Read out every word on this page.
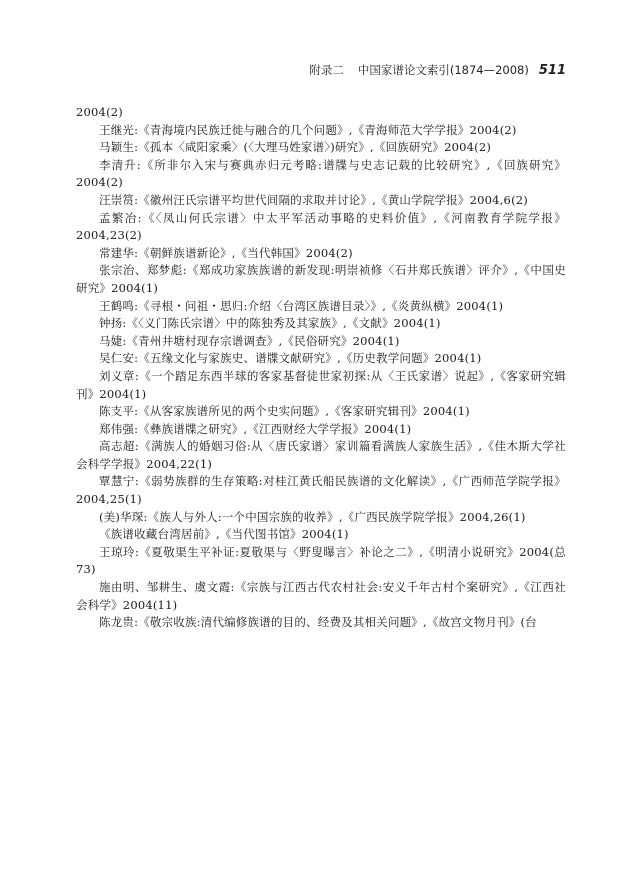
附录二 中国家谱论文索引(1874—2008) 511

2004(2)

王继光:《青海境内民族迁徙与融合的几个问题》,《青海师范大学学报》2004(2)

马颖生:《孤本〈咸阳家乘〉(〈大理马姓家谱〉)研究》,《回族研究》2004(2)

李清升:《所非尔入宋与赛典赤归元考略:谱牒与史志记载的比较研究》,《回族研究》2004(2)

汪崇筼:《徽州汪氏宗谱平均世代间隔的求取并讨论》,《黄山学院学报》2004,6(2)

孟繁冶:《〈凤山何氏宗谱〉中太平军活动事略的史料价值》,《河南教育学院学报》2004,23(2)

常建华:《朝鲜族谱新论》,《当代韩国》2004(2)

张宗治、郑梦彪:《郑成功家族族谱的新发现:明崇祯修〈石井郑氏族谱〉评介》,《中国史研究》2004(1)

王鹤鸣:《寻根・问祖・思归:介绍〈台湾区族谱目录〉》,《炎黄纵横》2004(1)

钟扬:《〈义门陈氏宗谱〉中的陈独秀及其家族》,《文献》2004(1)

马婕:《青州井塘村现存宗谱调查》,《民俗研究》2004(1)

吴仁安:《五缘文化与家族史、谱牒文献研究》,《历史教学问题》2004(1)

刘义章:《一个踏足东西半球的客家基督徒世家初探:从〈王氏家谱〉说起》,《客家研究辑刊》2004(1)

陈支平:《从客家族谱所见的两个史实问题》,《客家研究辑刊》2004(1)

郑伟强:《彝族谱牒之研究》,《江西财经大学学报》2004(1)

高志超:《满族人的婚姻习俗:从〈唐氏家谱〉家训篇看满族人家族生活》,《佳木斯大学社会科学学报》2004,22(1)

覃慧宁:《弱势族群的生存策略:对桂江黄氏船民族谱的文化解读》,《广西师范学院学报》2004,25(1)

(美)华琛:《族人与外人:一个中国宗族的收养》,《广西民族学院学报》2004,26(1)

《族谱收藏台湾居前》,《当代图书馆》2004(1)

王琼玲:《夏敬渠生平补证:夏敬渠与〈野叟曝言〉补论之二》,《明清小说研究》2004(总73)

施由明、邹耕生、虞文霞:《宗族与江西古代农村社会:安义千年古村个案研究》,《江西社会科学》2004(11)

陈龙贵:《敬宗收族:清代编修族谱的目的、经费及其相关问题》,《故宫文物月刊》(台
